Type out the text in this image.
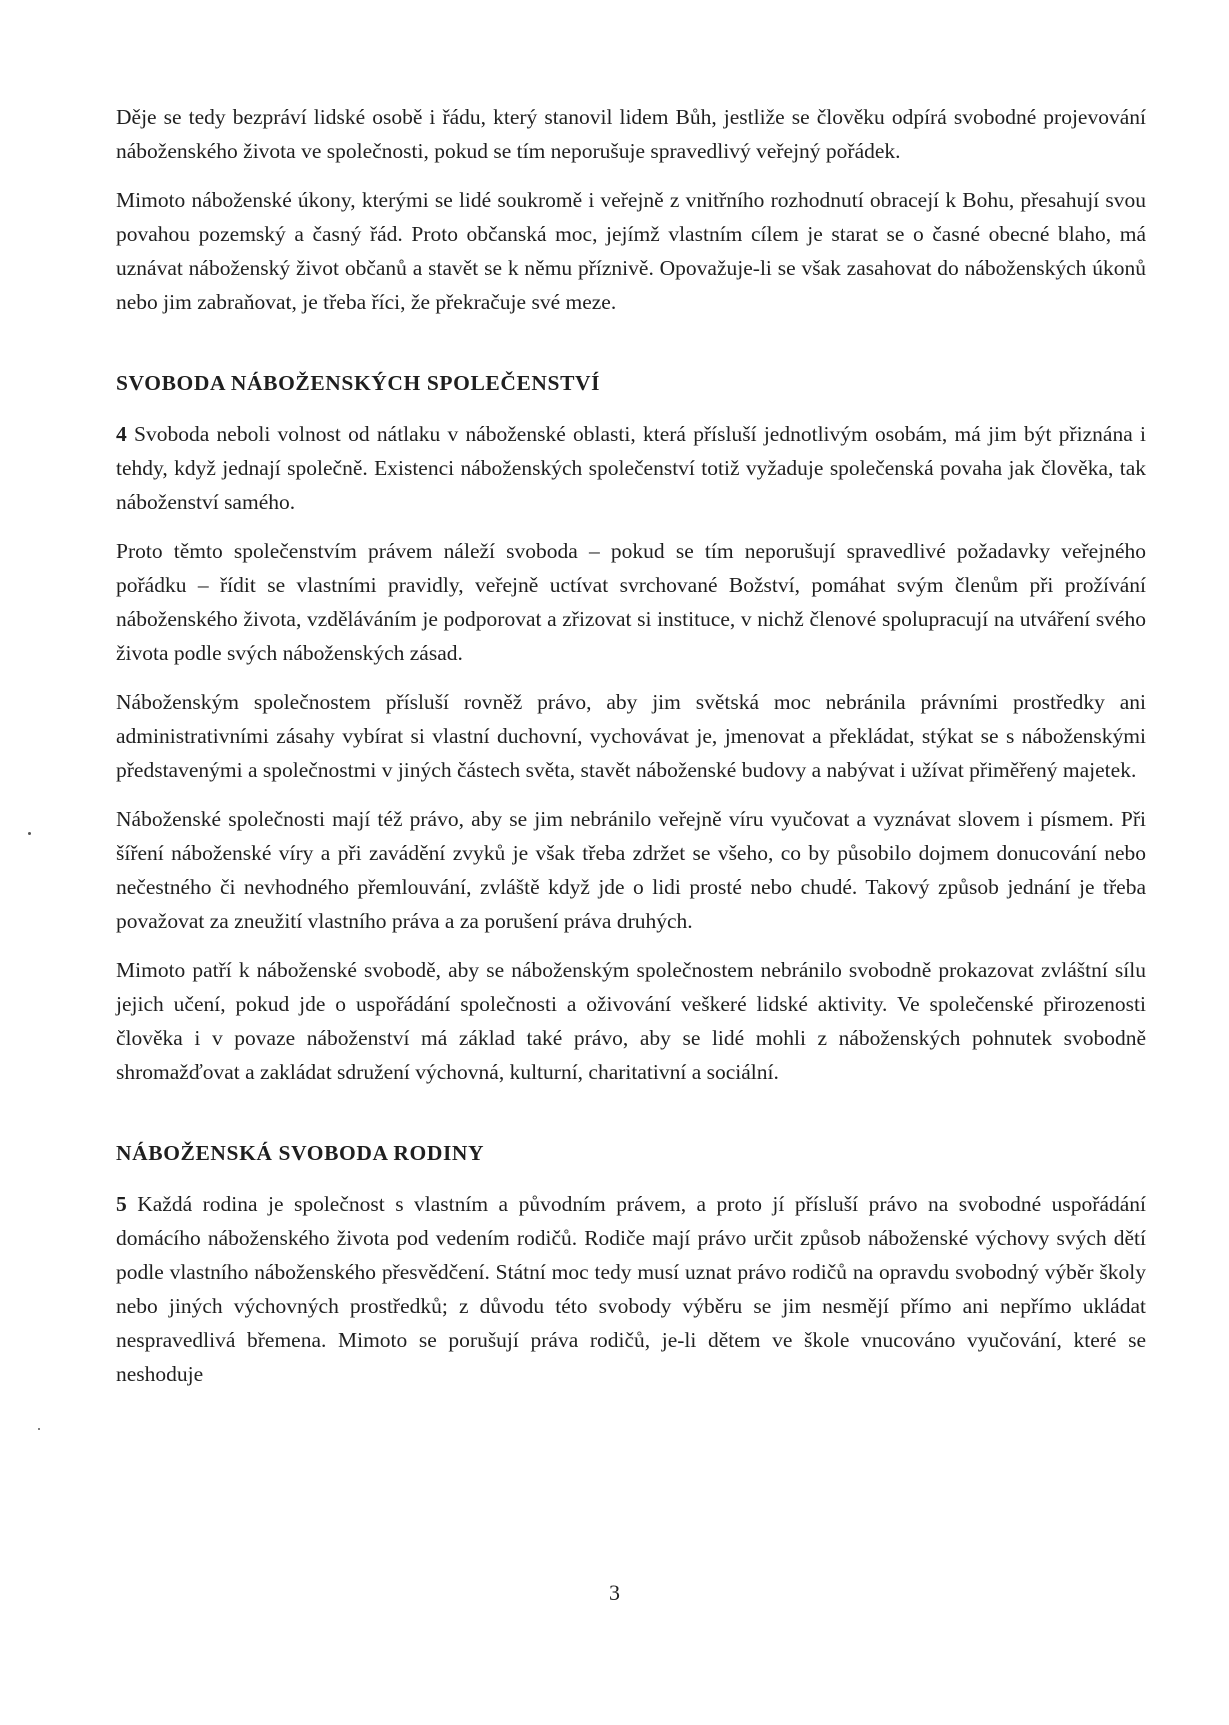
Děje se tedy bezpráví lidské osobě i řádu, který stanovil lidem Bůh, jestliže se člověku odpírá svobodné projevování náboženského života ve společnosti, pokud se tím neporušuje spravedlivý veřejný pořádek.

Mimoto náboženské úkony, kterými se lidé soukromě i veřejně z vnitřního rozhodnutí obracejí k Bohu, přesahují svou povahou pozemský a časný řád. Proto občanská moc, jejímž vlastním cílem je starat se o časné obecné blaho, má uznávat náboženský život občanů a stavět se k němu příznivě. Opovažuje-li se však zasahovat do náboženských úkonů nebo jim zabraňovat, je třeba říci, že překračuje své meze.

SVOBODA NÁBOŽENSKÝCH SPOLEČENSTVÍ

4 Svoboda neboli volnost od nátlaku v náboženské oblasti, která přísluší jednotlivým osobám, má jim být přiznána i tehdy, když jednají společně. Existenci náboženských společenství totiž vyžaduje společenská povaha jak člověka, tak náboženství samého.

Proto těmto společenstvím právem náleží svoboda – pokud se tím neporušují spravedlivé požadavky veřejného pořádku – řídit se vlastními pravidly, veřejně uctívat svrchované Božství, pomáhat svým členům při prožívání náboženského života, vzděláváním je podporovat a zřizovat si instituce, v nichž členové spolupracují na utváření svého života podle svých náboženských zásad.

Náboženským společnostem přísluší rovněž právo, aby jim světská moc nebránila právními prostředky ani administrativními zásahy vybírat si vlastní duchovní, vychovávat je, jmenovat a překládat, stýkat se s náboženskými představenými a společnostmi v jiných částech světa, stavět náboženské budovy a nabývat i užívat přiměřený majetek.

Náboženské společnosti mají též právo, aby se jim nebránilo veřejně víru vyučovat a vyznávat slovem i písmem. Při šíření náboženské víry a při zavádění zvyků je však třeba zdržet se všeho, co by působilo dojmem donucování nebo nečestného či nevhodného přemlouvání, zvláště když jde o lidi prosté nebo chudé. Takový způsob jednání je třeba považovat za zneužití vlastního práva a za porušení práva druhých.

Mimoto patří k náboženské svobodě, aby se náboženským společnostem nebránilo svobodně prokazovat zvláštní sílu jejich učení, pokud jde o uspořádání společnosti a oživování veškeré lidské aktivity. Ve společenské přirozenosti člověka i v povaze náboženství má základ také právo, aby se lidé mohli z náboženských pohnutek svobodně shromažďovat a zakládat sdružení výchovná, kulturní, charitativní a sociální.

NÁBOŽENSKÁ SVOBODA RODINY

5 Každá rodina je společnost s vlastním a původním právem, a proto jí přísluší právo na svobodné uspořádání domácího náboženského života pod vedením rodičů. Rodiče mají právo určit způsob náboženské výchovy svých dětí podle vlastního náboženského přesvědčení. Státní moc tedy musí uznat právo rodičů na opravdu svobodný výběr školy nebo jiných výchovných prostředků; z důvodu této svobody výběru se jim nesmějí přímo ani nepřímo ukládat nespravedlivá břemena. Mimoto se porušují práva rodičů, je-li dětem ve škole vnucováno vyučování, které se neshoduje

3
